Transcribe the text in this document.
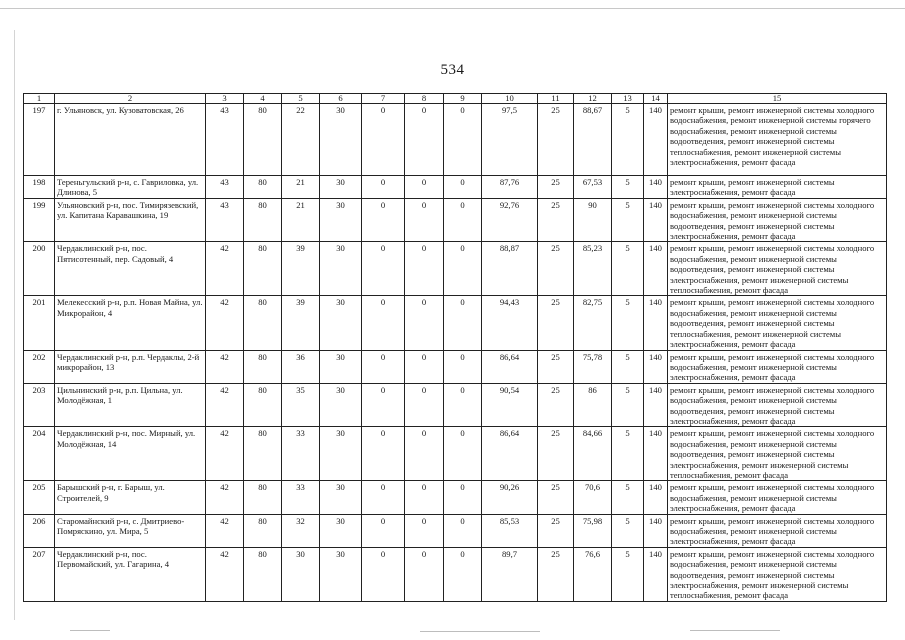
534
1	2	3	4	5	6	7	8	9	10	11	12	13	14	15
197	г. Ульяновск, ул. Кузоватовская, 26	43	80	22	30	0	0	0	97,5	25	88,67	5	140	ремонт крыши, ремонт инженерной системы холодного водоснабжения, ремонт инженерной системы горячего водоснабжения, ремонт инженерной системы водоотведения, ремонт инженерной системы теплоснабжения, ремонт инженерной системы электроснабжения, ремонт фасада
198	Тереньгульский р-н, с. Гавриловка, ул. Длинова, 5	43	80	21	30	0	0	0	87,76	25	67,53	5	140	ремонт крыши, ремонт инженерной системы электроснабжения, ремонт фасада
199	Ульяновский р-н, пос. Тимирязевский, ул. Капитана Каравашкина, 19	43	80	21	30	0	0	0	92,76	25	90	5	140	ремонт крыши, ремонт инженерной системы холодного водоснабжения, ремонт инженерной системы водоотведения, ремонт инженерной системы электроснабжения, ремонт фасада
200	Чердаклинский р-н, пос. Пятисотенный, пер. Садовый, 4	42	80	39	30	0	0	0	88,87	25	85,23	5	140	ремонт крыши, ремонт инженерной системы холодного водоснабжения, ремонт инженерной системы водоотведения, ремонт инженерной системы электроснабжения, ремонт инженерной системы теплоснабжения, ремонт фасада
201	Мелекесский р-н, р.п. Новая Майна, ул. Микрорайон, 4	42	80	39	30	0	0	0	94,43	25	82,75	5	140	ремонт крыши, ремонт инженерной системы холодного водоснабжения, ремонт инженерной системы водоотведения, ремонт инженерной системы теплоснабжения, ремонт инженерной системы электроснабжения, ремонт фасада
202	Чердаклинский р-н, р.п. Чердаклы, 2-й микрорайон, 13	42	80	36	30	0	0	0	86,64	25	75,78	5	140	ремонт крыши, ремонт инженерной системы холодного водоснабжения, ремонт инженерной системы электроснабжения, ремонт фасада
203	Цильнинский р-н, р.п. Цильна, ул. Молодёжная, 1	42	80	35	30	0	0	0	90,54	25	86	5	140	ремонт крыши, ремонт инженерной системы холодного водоснабжения, ремонт инженерной системы водоотведения, ремонт инженерной системы электроснабжения, ремонт фасада
204	Чердаклинский р-н, пос. Мирный, ул. Молодёжная, 14	42	80	33	30	0	0	0	86,64	25	84,66	5	140	ремонт крыши, ремонт инженерной системы холодного водоснабжения, ремонт инженерной системы водоотведения, ремонт инженерной системы электроснабжения, ремонт инженерной системы теплоснабжения, ремонт фасада
205	Барышский р-н, г. Барыш, ул. Строителей, 9	42	80	33	30	0	0	0	90,26	25	70,6	5	140	ремонт крыши, ремонт инженерной системы холодного водоснабжения, ремонт инженерной системы электроснабжения, ремонт фасада
206	Старомайнский р-н, с. Дмитриево-Помряскино, ул. Мира, 5	42	80	32	30	0	0	0	85,53	25	75,98	5	140	ремонт крыши, ремонт инженерной системы холодного водоснабжения, ремонт инженерной системы электроснабжения, ремонт фасада
207	Чердаклинский р-н, пос. Первомайский, ул. Гагарина, 4	42	80	30	30	0	0	0	89,7	25	76,6	5	140	ремонт крыши, ремонт инженерной системы холодного водоснабжения, ремонт инженерной системы водоотведения, ремонт инженерной системы электроснабжения, ремонт инженерной системы теплоснабжения, ремонт фасада
